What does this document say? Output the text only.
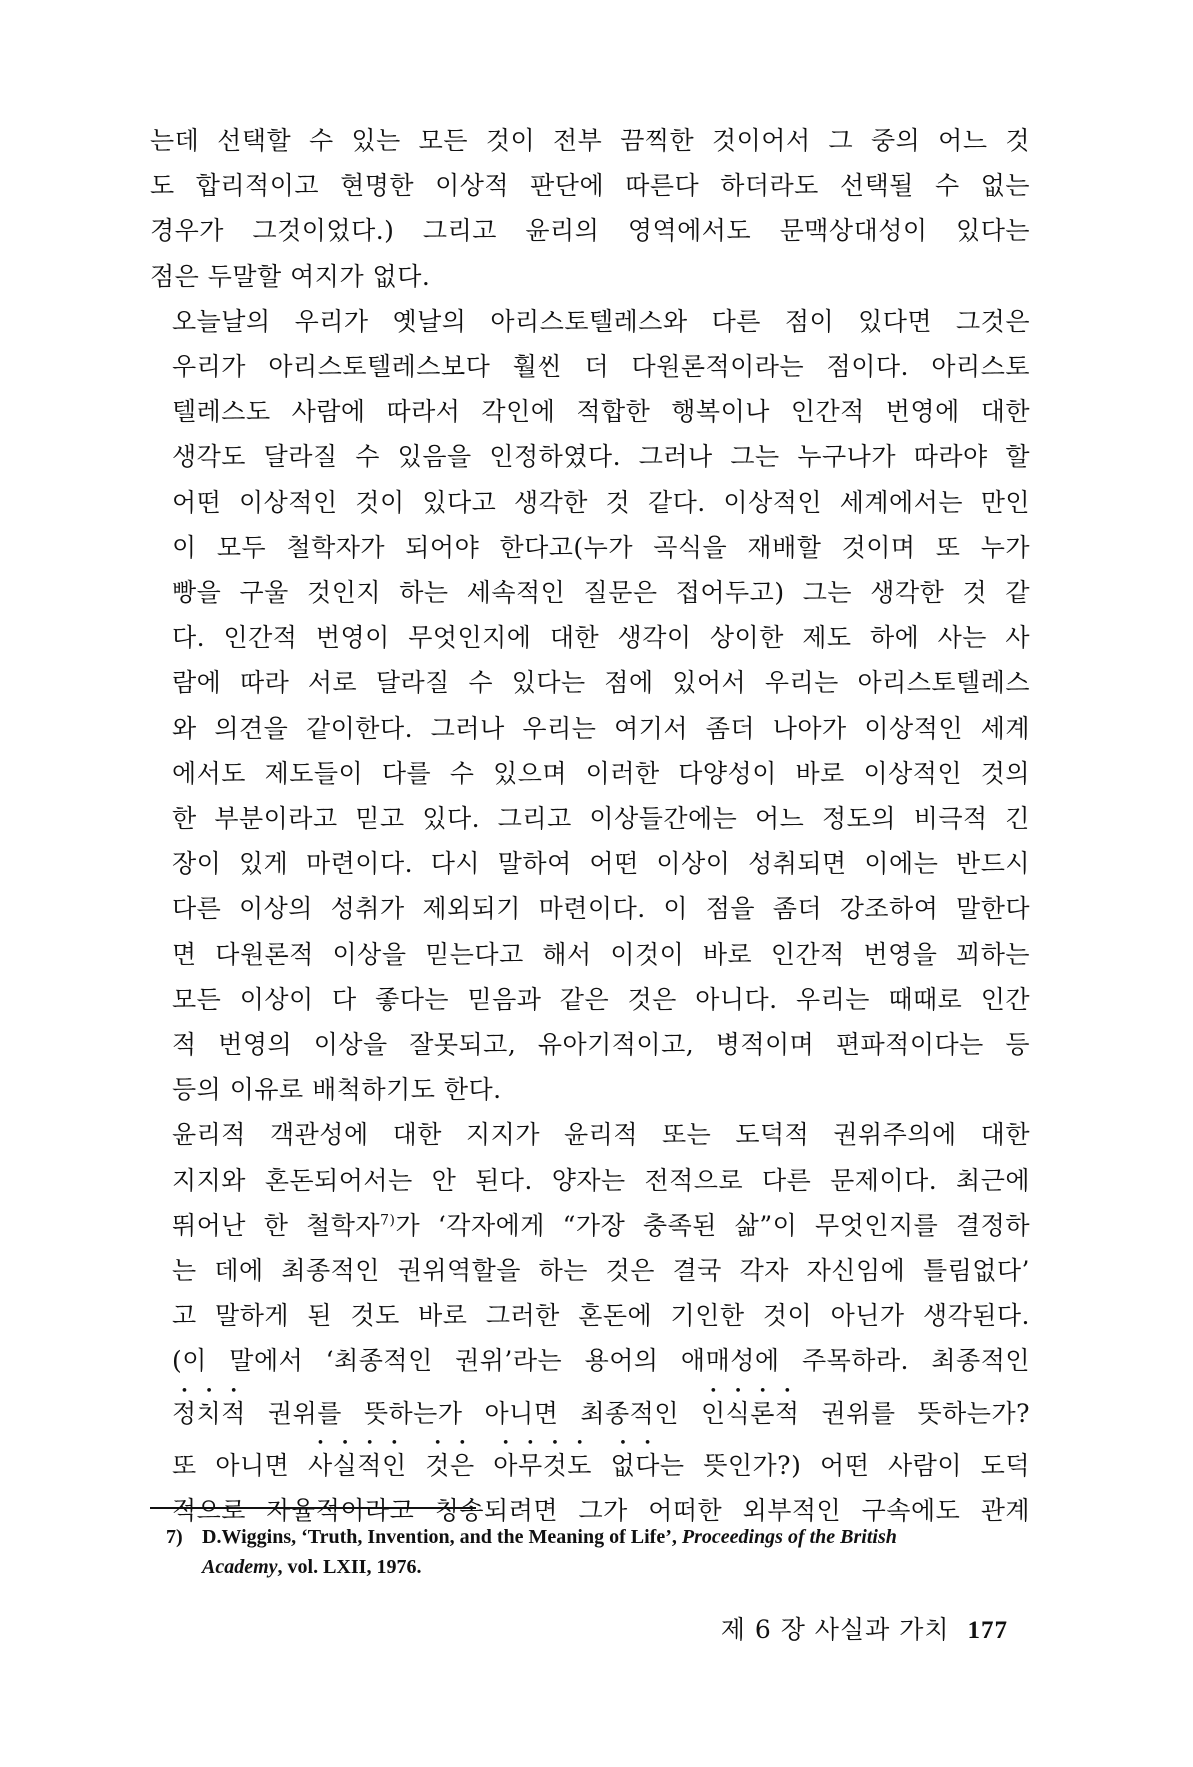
는데 선택할 수 있는 모든 것이 전부 끔찍한 것이어서 그 중의 어느 것
도 합리적이고 현명한 이상적 판단에 따른다 하더라도 선택될 수 없는
경우가 그것이었다.) 그리고 윤리의 영역에서도 문맥상대성이 있다는
점은 두말할 여지가 없다.

오늘날의 우리가 옛날의 아리스토텔레스와 다른 점이 있다면 그것은
우리가 아리스토텔레스보다 훨씬 더 다원론적이라는 점이다. 아리스토
텔레스도 사람에 따라서 각인에 적합한 행복이나 인간적 번영에 대한
생각도 달라질 수 있음을 인정하였다. 그러나 그는 누구나가 따라야 할
어떤 이상적인 것이 있다고 생각한 것 같다. 이상적인 세계에서는 만인
이 모두 철학자가 되어야 한다고(누가 곡식을 재배할 것이며 또 누가
빵을 구울 것인지 하는 세속적인 질문은 접어두고) 그는 생각한 것 같
다. 인간적 번영이 무엇인지에 대한 생각이 상이한 제도 하에 사는 사
람에 따라 서로 달라질 수 있다는 점에 있어서 우리는 아리스토텔레스
와 의견을 같이한다. 그러나 우리는 여기서 좀더 나아가 이상적인 세계
에서도 제도들이 다를 수 있으며 이러한 다양성이 바로 이상적인 것의
한 부분이라고 믿고 있다. 그리고 이상들간에는 어느 정도의 비극적 긴
장이 있게 마련이다. 다시 말하여 어떤 이상이 성취되면 이에는 반드시
다른 이상의 성취가 제외되기 마련이다. 이 점을 좀더 강조하여 말한다
면 다원론적 이상을 믿는다고 해서 이것이 바로 인간적 번영을 꾀하는
모든 이상이 다 좋다는 믿음과 같은 것은 아니다. 우리는 때때로 인간
적 번영의 이상을 잘못되고, 유아기적이고, 병적이며 편파적이다는 등
등의 이유로 배척하기도 한다.

윤리적 객관성에 대한 지지가 윤리적 또는 도덕적 권위주의에 대한
지지와 혼돈되어서는 안 된다. 양자는 전적으로 다른 문제이다. 최근에
뛰어난 한 철학자$^{7)}$가 ‘각자에게 “가장 충족된 삶”이 무엇인지를 결정하
는 데에 최종적인 권위역할을 하는 것은 결국 각자 자신임에 틀림없다’
고 말하게 된 것도 바로 그러한 혼돈에 기인한 것이 아닌가 생각된다.
(이 말에서 ‘최종적인 권위’라는 용어의 애매성에 주목하라. 최종적인
정치적 권위를 뜻하는가 아니면 최종적인 인식론적 권위를 뜻하는가?
또 아니면 사실적인 것은 아무것도 없다는 뜻인가?) 어떤 사람이 도덕
적으로 자율적이라고 칭송되려면 그가 어떠한 외부적인 구속에도 관계

7) D.Wiggins, ‘Truth, Invention, and the Meaning of Life’, Proceedings of the British
Academy, vol. LXII, 1976.
제 6 장 사실과 가치 177
